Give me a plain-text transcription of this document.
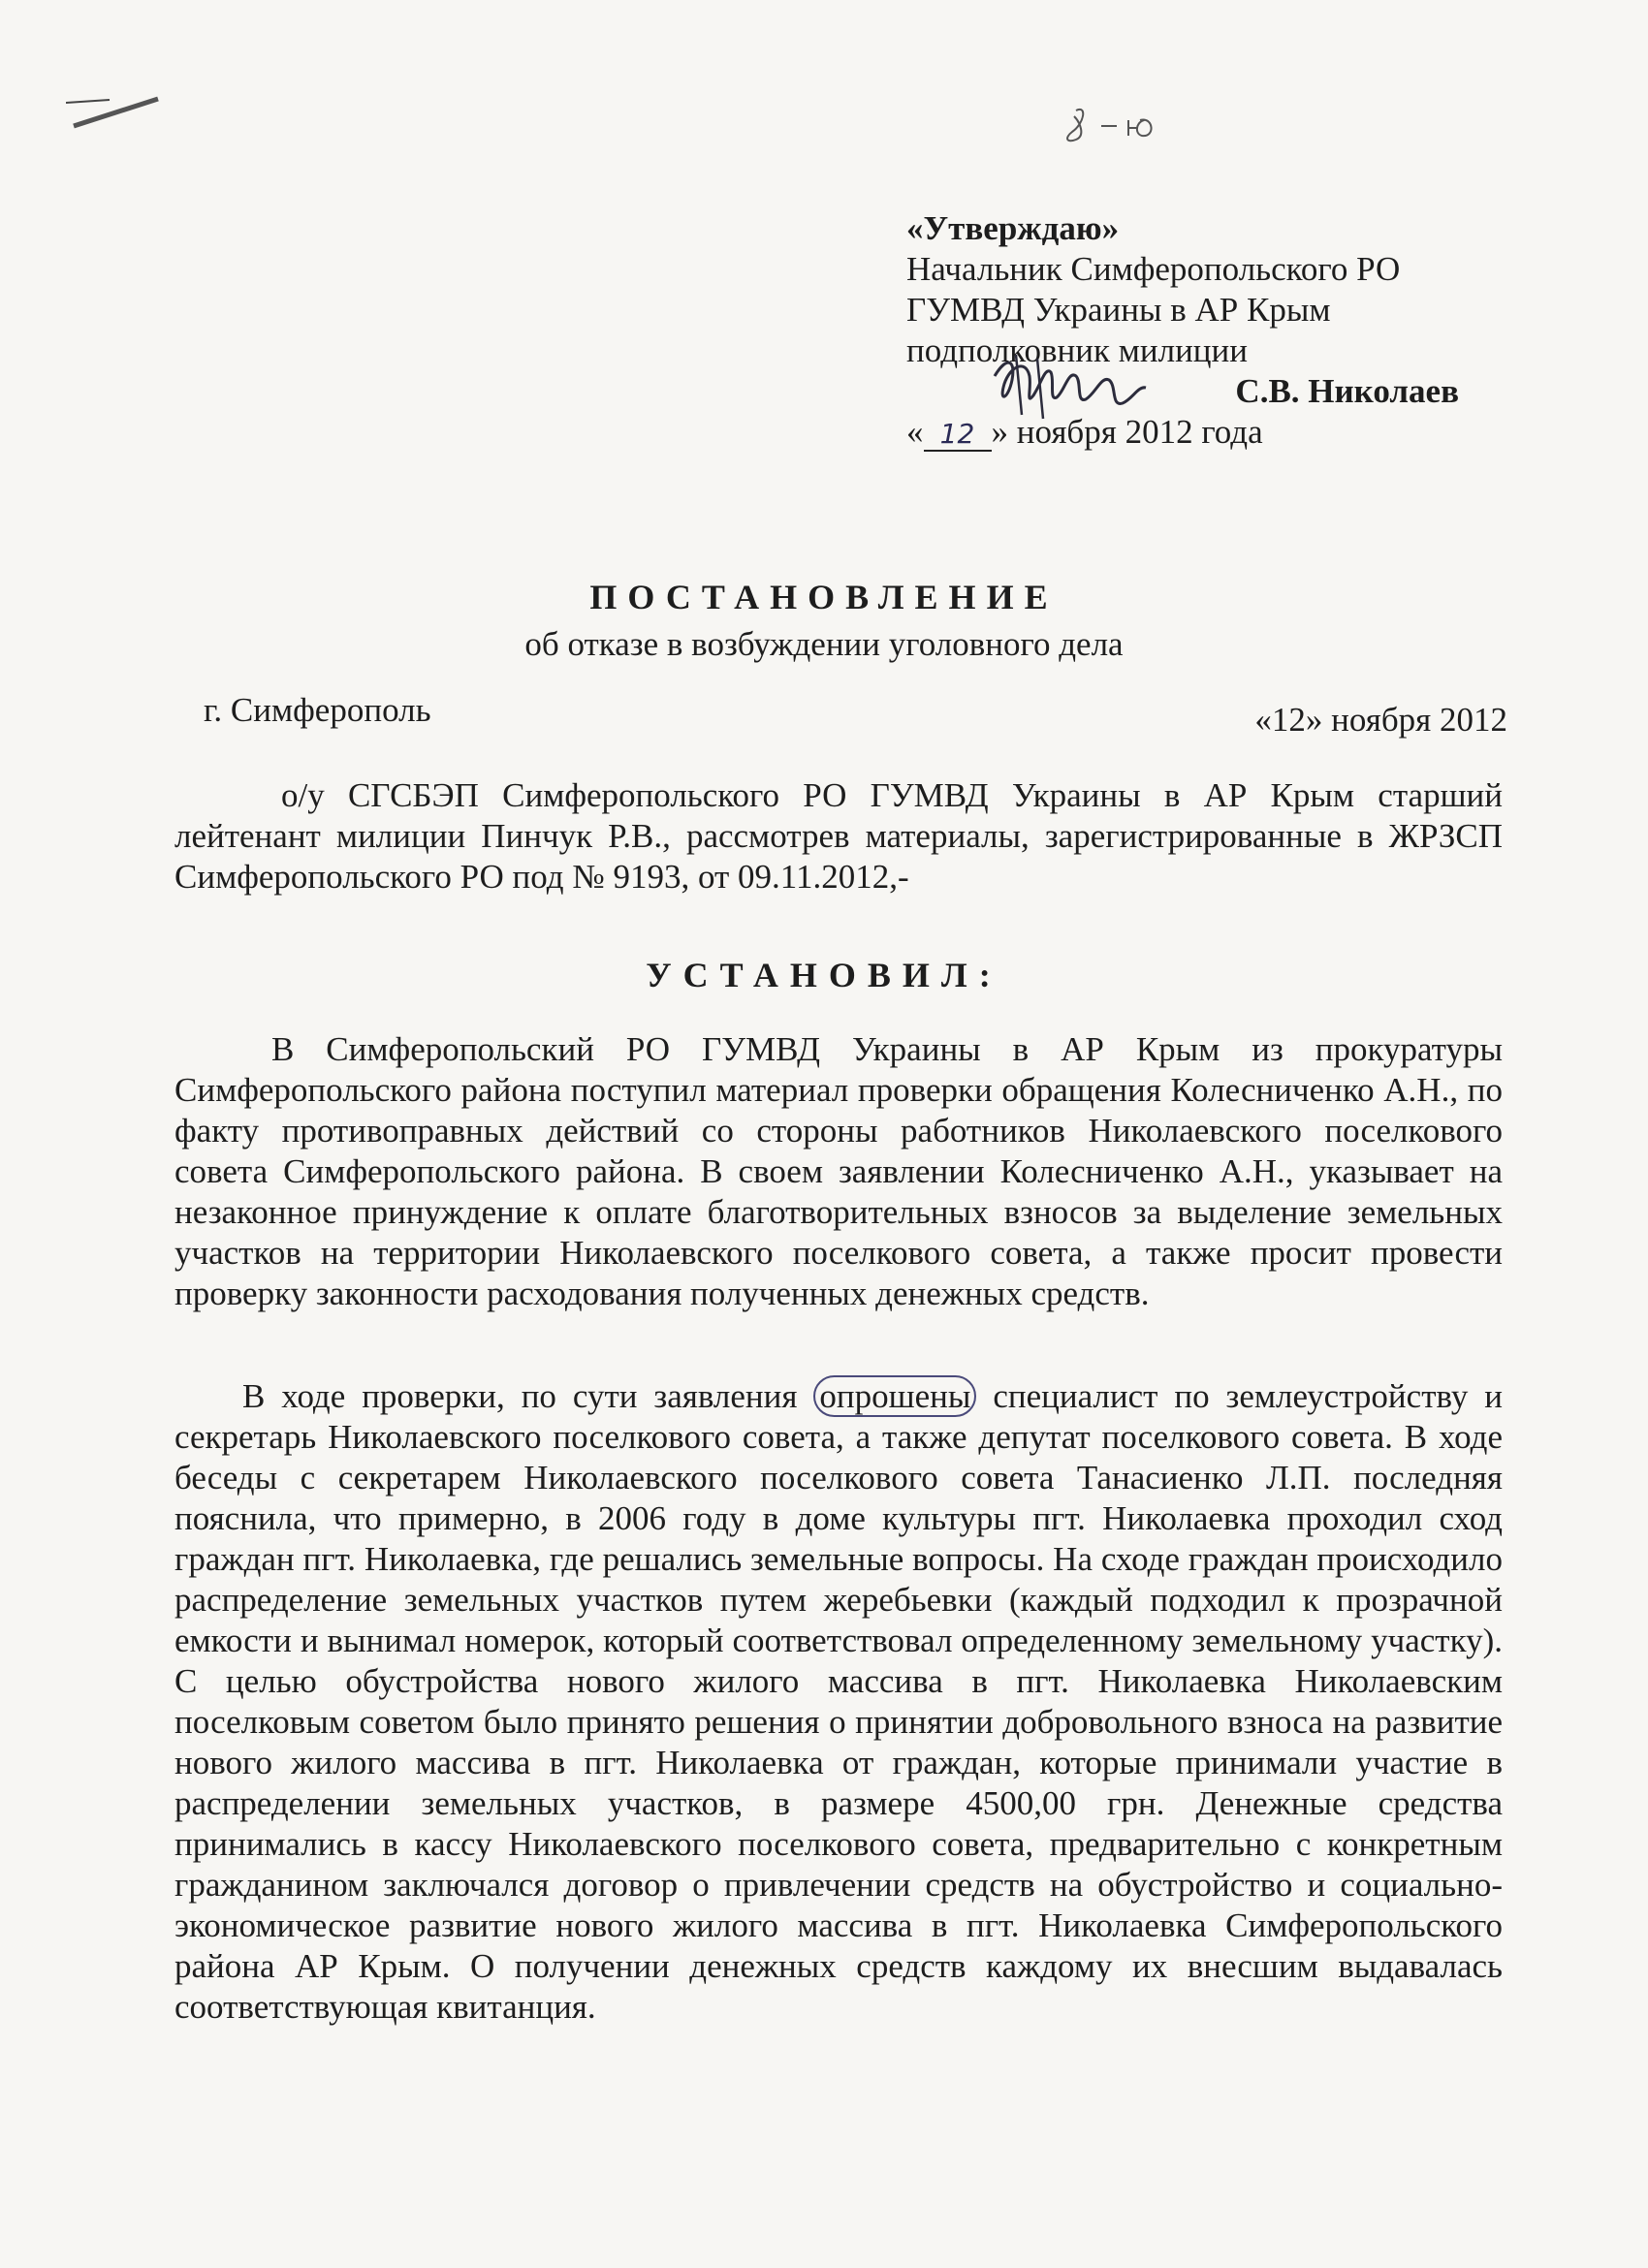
«Утверждаю»
Начальник Симферопольского РО
ГУМВД Украины в АР Крым
подполковник милиции
С.В. Николаев
« 12 » ноября 2012 года
ПОСТАНОВЛЕНИЕ
об отказе в возбуждении уголовного дела
г. Симферополь	«12» ноября 2012
о/у СГСБЭП Симферопольского РО ГУМВД Украины в АР Крым старший лейтенант милиции Пинчук Р.В., рассмотрев материалы, зарегистрированные в ЖРЗСП Симферопольского РО под № 9193, от 09.11.2012,-
УСТАНОВИЛ:
В Симферопольский РО ГУМВД Украины в АР Крым из прокуратуры Симферопольского района поступил материал проверки обращения Колесниченко А.Н., по факту противоправных действий со стороны работников Николаевского поселкового совета Симферопольского района. В своем заявлении Колесниченко А.Н., указывает на незаконное принуждение к оплате благотворительных взносов за выделение земельных участков на территории Николаевского поселкового совета, а также просит провести проверку законности расходования полученных денежных средств.
В ходе проверки, по сути заявления опрошены специалист по землеустройству и секретарь Николаевского поселкового совета, а также депутат поселкового совета. В ходе беседы с секретарем Николаевского поселкового совета Танасиенко Л.П. последняя пояснила, что примерно, в 2006 году в доме культуры пгт. Николаевка проходил сход граждан пгт. Николаевка, где решались земельные вопросы. На сходе граждан происходило распределение земельных участков путем жеребьевки (каждый подходил к прозрачной емкости и вынимал номерок, который соответствовал определенному земельному участку). С целью обустройства нового жилого массива в пгт. Николаевка Николаевским поселковым советом было принято решения о принятии добровольного взноса на развитие нового жилого массива в пгт. Николаевка от граждан, которые принимали участие в распределении земельных участков, в размере 4500,00 грн. Денежные средства принимались в кассу Николаевского поселкового совета, предварительно с конкретным гражданином заключался договор о привлечении средств на обустройство и социально-экономическое развитие нового жилого массива в пгт. Николаевка Симферопольского района АР Крым. О получении денежных средств каждому их внесшим выдавалась соответствующая квитанция.
